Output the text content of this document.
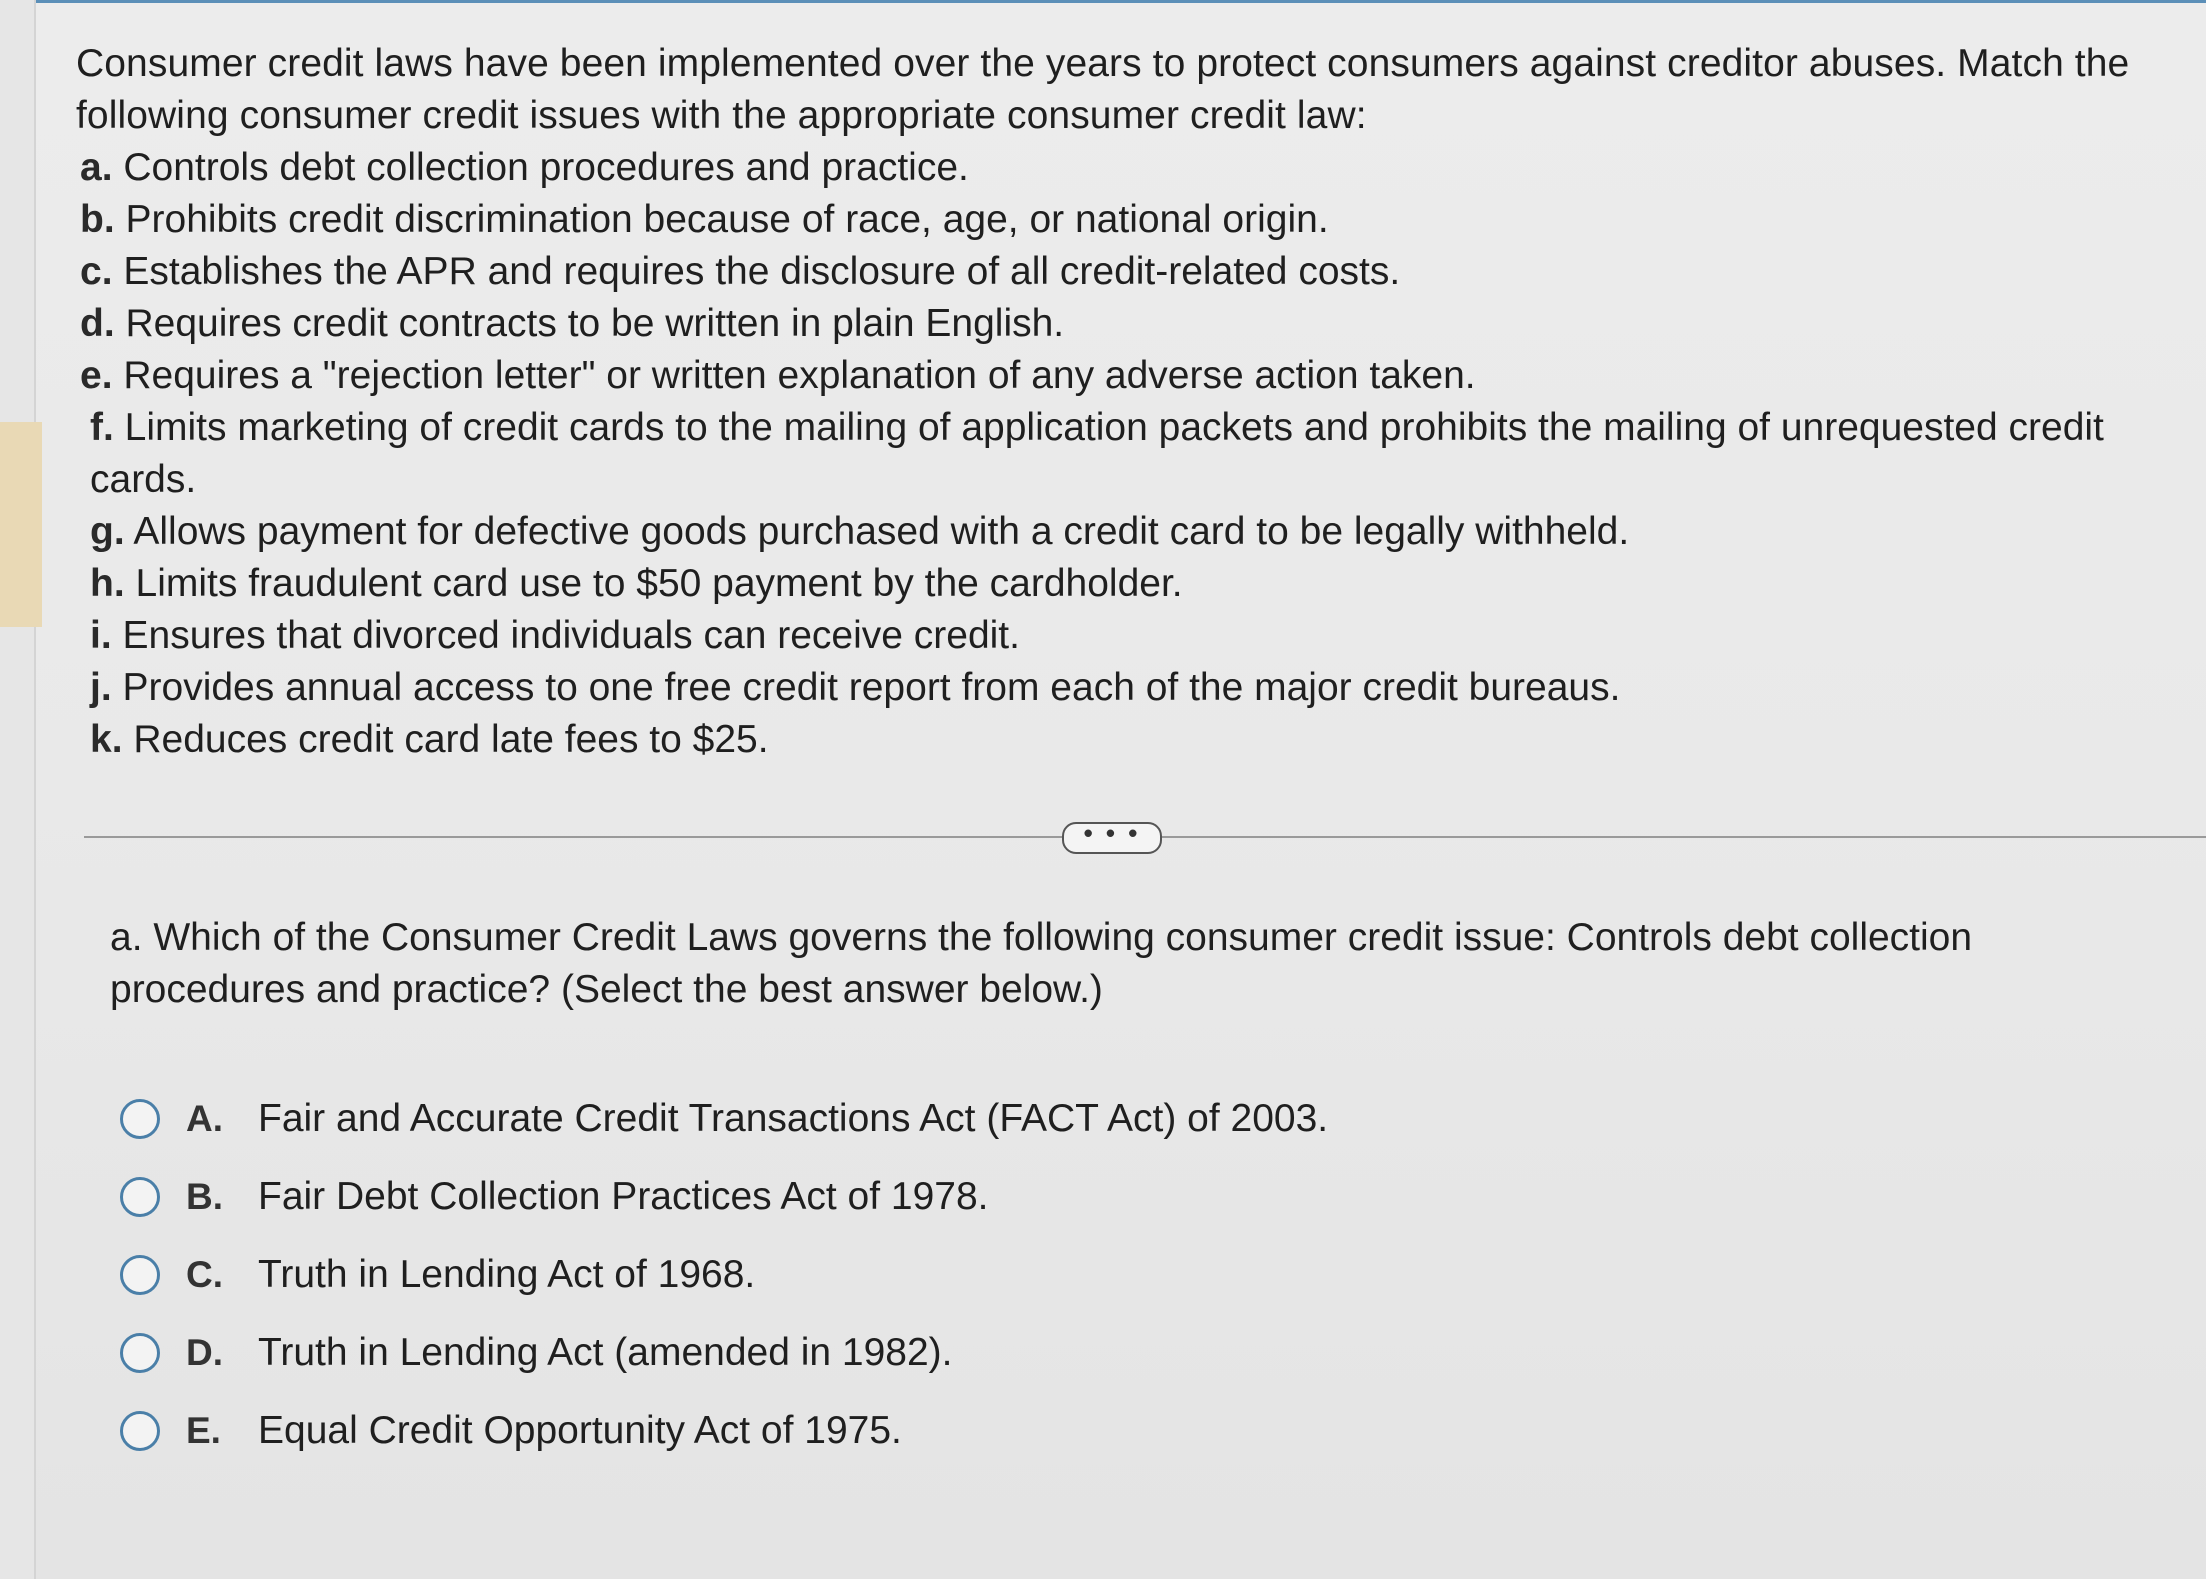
Consumer credit laws have been implemented over the years to protect consumers against creditor abuses. Match the following consumer credit issues with the appropriate consumer credit law:

a. Controls debt collection procedures and practice.
b. Prohibits credit discrimination because of race, age, or national origin.
c. Establishes the APR and requires the disclosure of all credit-related costs.
d. Requires credit contracts to be written in plain English.
e. Requires a "rejection letter" or written explanation of any adverse action taken.
f. Limits marketing of credit cards to the mailing of application packets and prohibits the mailing of unrequested credit cards.
g. Allows payment for defective goods purchased with a credit card to be legally withheld.
h. Limits fraudulent card use to $50 payment by the cardholder.
i. Ensures that divorced individuals can receive credit.
j. Provides annual access to one free credit report from each of the major credit bureaus.
k. Reduces credit card late fees to $25.
• • •

a. Which of the Consumer Credit Laws governs the following consumer credit issue: Controls debt collection procedures and practice? (Select the best answer below.)

A. Fair and Accurate Credit Transactions Act (FACT Act) of 2003.
B. Fair Debt Collection Practices Act of 1978.
C. Truth in Lending Act of 1968.
D. Truth in Lending Act (amended in 1982).
E. Equal Credit Opportunity Act of 1975.
